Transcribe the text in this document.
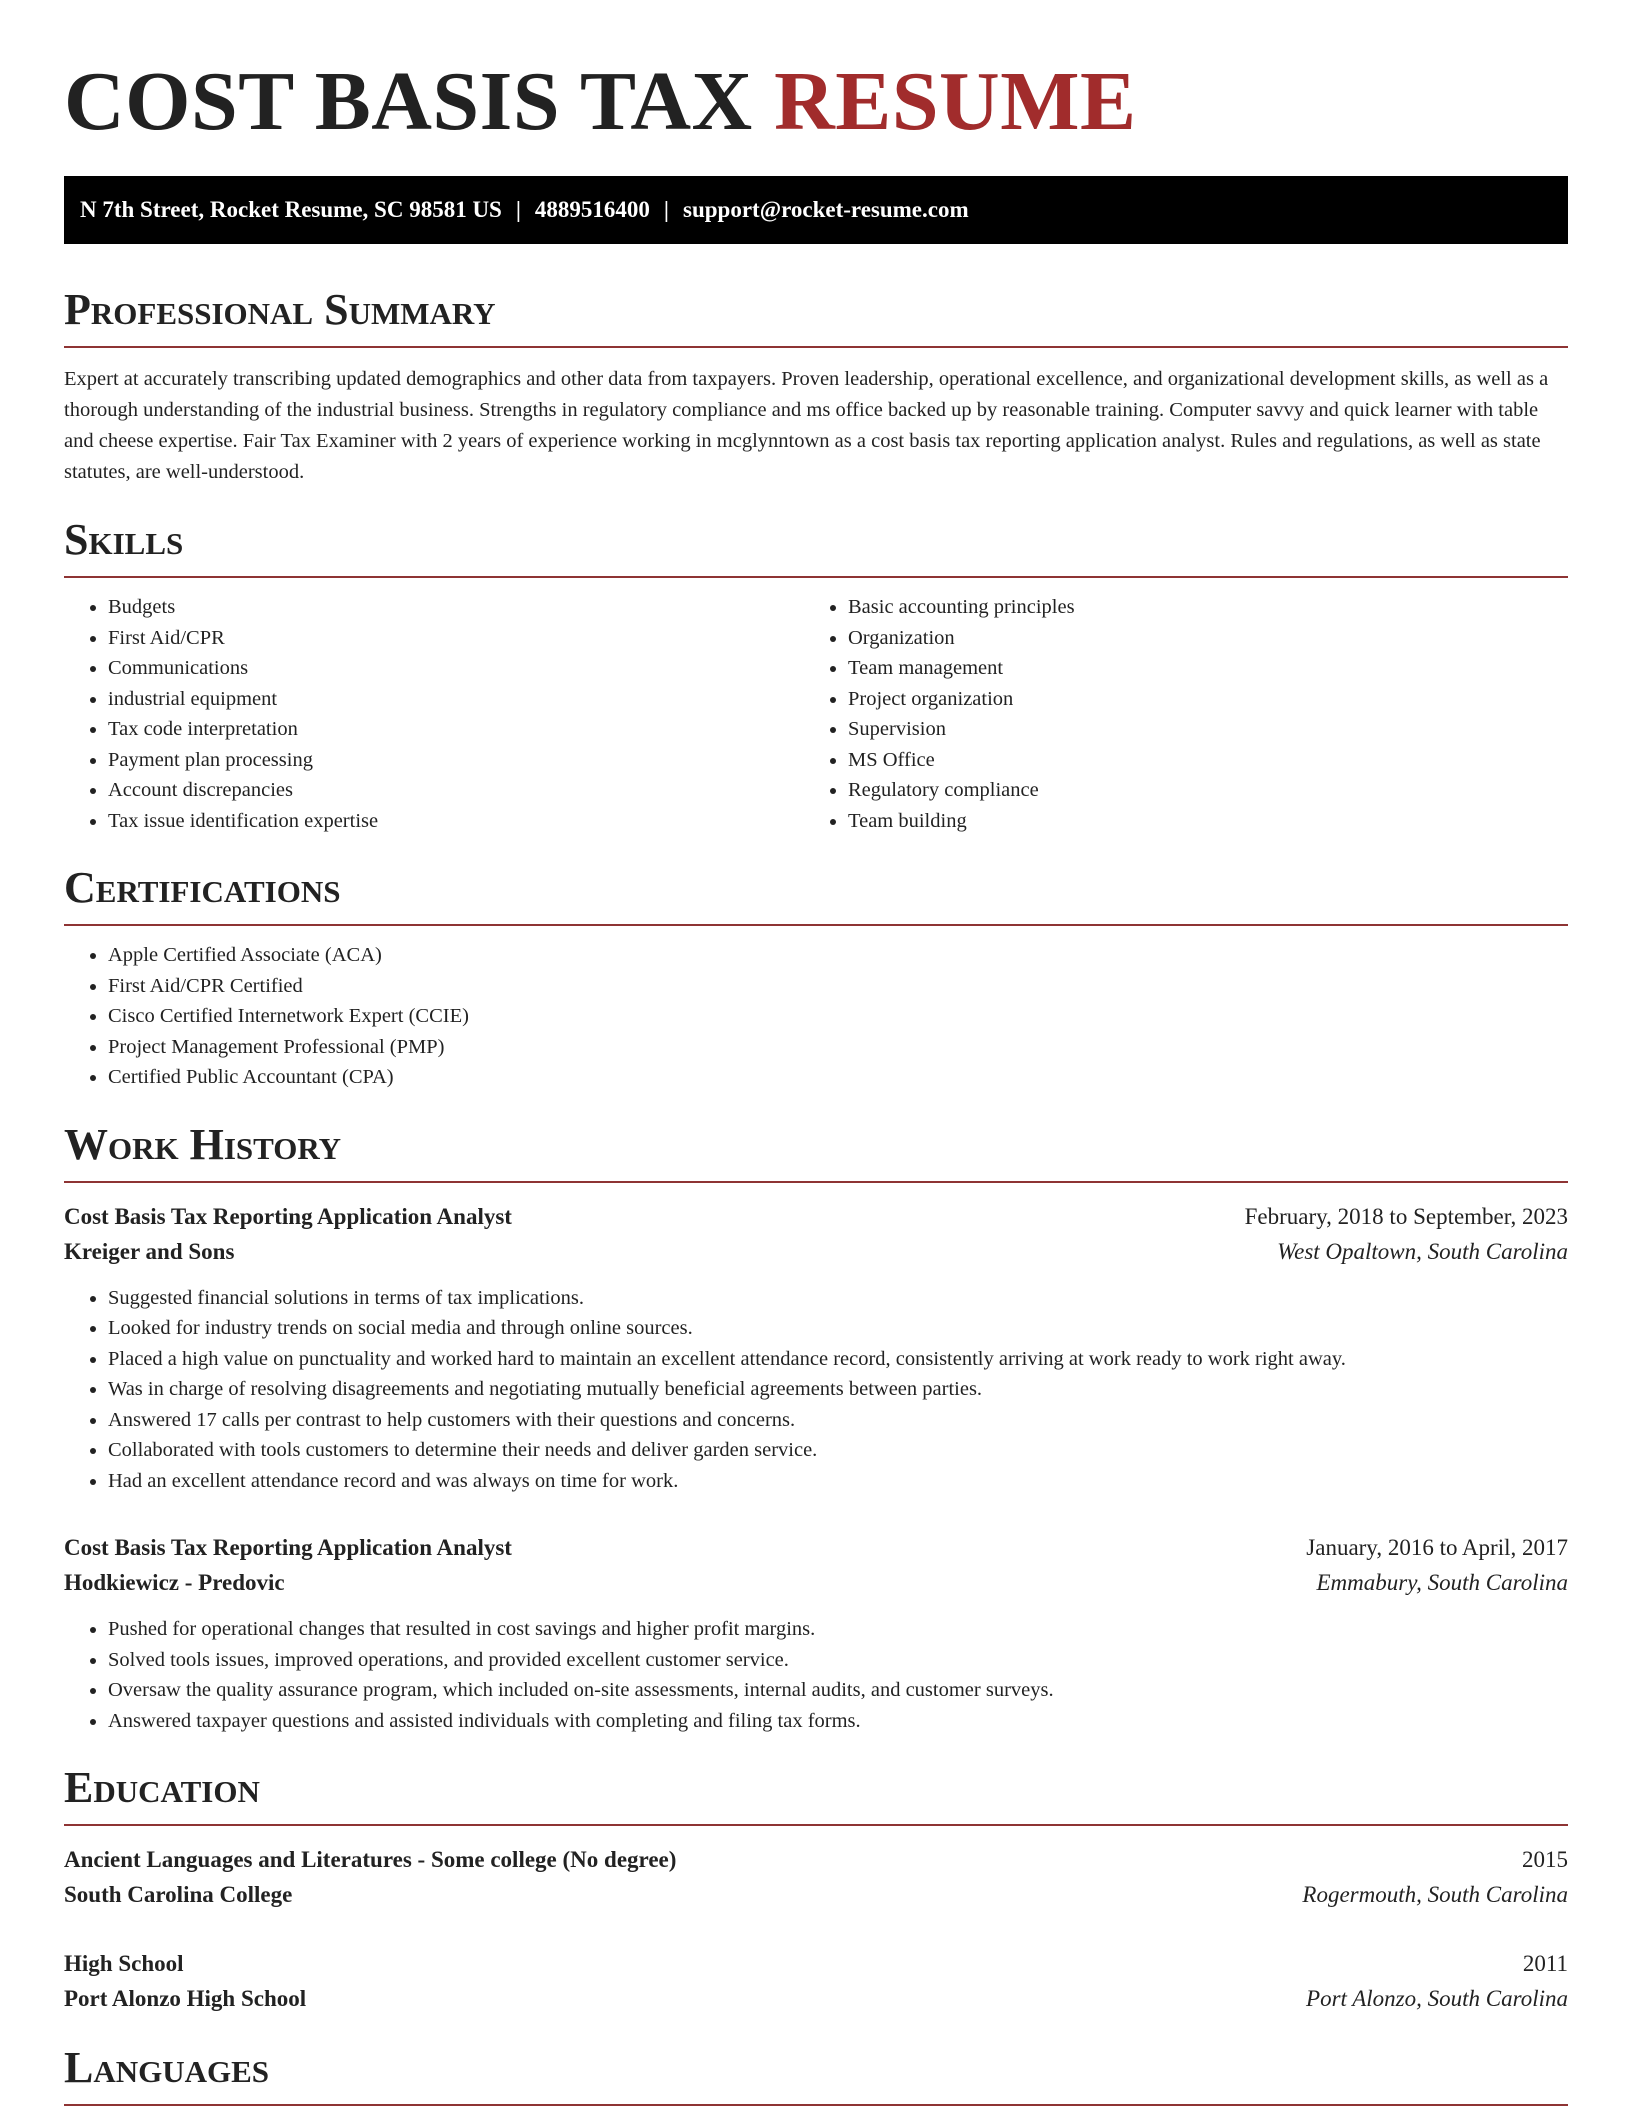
COST BASIS TAX RESUME
N 7th Street, Rocket Resume, SC 98581 US | 4889516400 | support@rocket-resume.com
Professional Summary

Expert at accurately transcribing updated demographics and other data from taxpayers. Proven leadership, operational excellence, and organizational development skills, as well as a thorough understanding of the industrial business. Strengths in regulatory compliance and ms office backed up by reasonable training. Computer savvy and quick learner with table and cheese expertise. Fair Tax Examiner with 2 years of experience working in mcglynntown as a cost basis tax reporting application analyst. Rules and regulations, as well as state statutes, are well-understood.

Skills
• Budgets
• First Aid/CPR
• Communications
• industrial equipment
• Tax code interpretation
• Payment plan processing
• Account discrepancies
• Tax issue identification expertise
• Basic accounting principles
• Organization
• Team management
• Project organization
• Supervision
• MS Office
• Regulatory compliance
• Team building
Certifications
• Apple Certified Associate (ACA)
• First Aid/CPR Certified
• Cisco Certified Internetwork Expert (CCIE)
• Project Management Professional (PMP)
• Certified Public Accountant (CPA)
Work History
Cost Basis Tax Reporting Application Analyst	February, 2018 to September, 2023
Kreiger and Sons	West Opaltown, South Carolina
• Suggested financial solutions in terms of tax implications.
• Looked for industry trends on social media and through online sources.
• Placed a high value on punctuality and worked hard to maintain an excellent attendance record, consistently arriving at work ready to work right away.
• Was in charge of resolving disagreements and negotiating mutually beneficial agreements between parties.
• Answered 17 calls per contrast to help customers with their questions and concerns.
• Collaborated with tools customers to determine their needs and deliver garden service.
• Had an excellent attendance record and was always on time for work.
Cost Basis Tax Reporting Application Analyst	January, 2016 to April, 2017
Hodkiewicz - Predovic	Emmabury, South Carolina
• Pushed for operational changes that resulted in cost savings and higher profit margins.
• Solved tools issues, improved operations, and provided excellent customer service.
• Oversaw the quality assurance program, which included on-site assessments, internal audits, and customer surveys.
• Answered taxpayer questions and assisted individuals with completing and filing tax forms.
Education
Ancient Languages and Literatures - Some college (No degree)	2015
South Carolina College	Rogermouth, South Carolina
High School	2011
Port Alonzo High School	Port Alonzo, South Carolina
Languages
